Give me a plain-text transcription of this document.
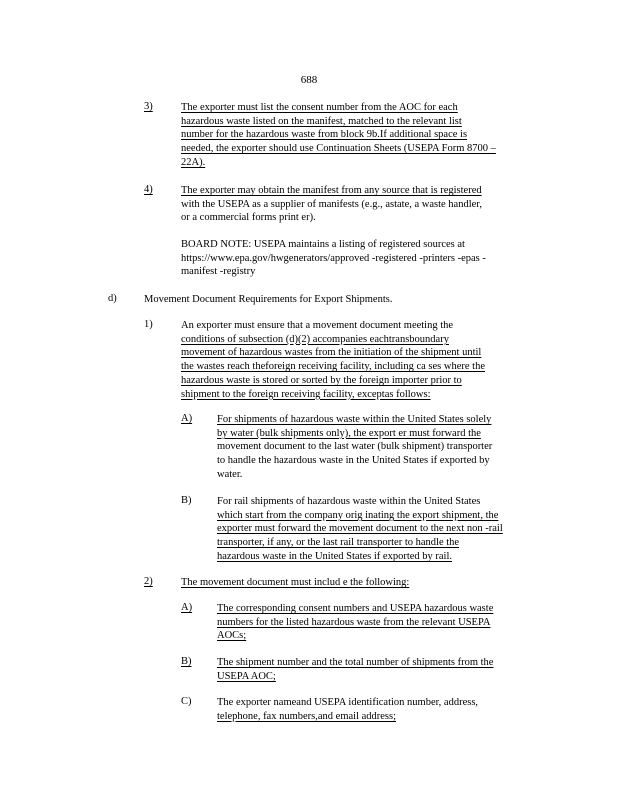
688
3)	The exporter must list the consent number from the AOC for each
hazardous waste listed on the manifest, matched to the relevant list
number for the hazardous waste from block 9b.If additional space is
needed, the exporter should use Continuation Sheets (USEPA Form 8700 –
22A).
4)	The exporter may obtain the manifest from any source that is registered
with the USEPA as a supplier of manifests (e.g., astate, a waste handler,
or a commercial forms print er).
BOARD NOTE: USEPA maintains a listing of registered sources at
https://www.epa.gov/hwgenerators/approved -registered -printers -epas -
manifest -registry
d)	Movement Document Requirements for Export Shipments.
1)	An exporter must ensure that a movement document meeting the
conditions of subsection (d)(2) accompanies eachtransboundary
movement of hazardous wastes from the initiation of the shipment until
the wastes reach theforeign receiving facility, including ca ses where the
hazardous waste is stored or sorted by the foreign importer prior to
shipment to the foreign receiving facility, exceptas follows:
A) For shipments of hazardous waste within the United States solely
by water (bulk shipments only), the export er must forward the
movement document to the last water (bulk shipment) transporter
to handle the hazardous waste in the United States if exported by
water.
B) For rail shipments of hazardous waste within the United States
which start from the company orig inating the export shipment, the
exporter must forward the movement document to the next non -rail
transporter, if any, or the last rail transporter to handle the
hazardous waste in the United States if exported by rail.
2)	The movement document must includ e the following:
A) The corresponding consent numbers and USEPA hazardous waste
numbers for the listed hazardous waste from the relevant USEPA
AOCs;
B) The shipment number and the total number of shipments from the
USEPA AOC;
C) The exporter nameand USEPA identification number, address,
telephone, fax numbers,and email address;
